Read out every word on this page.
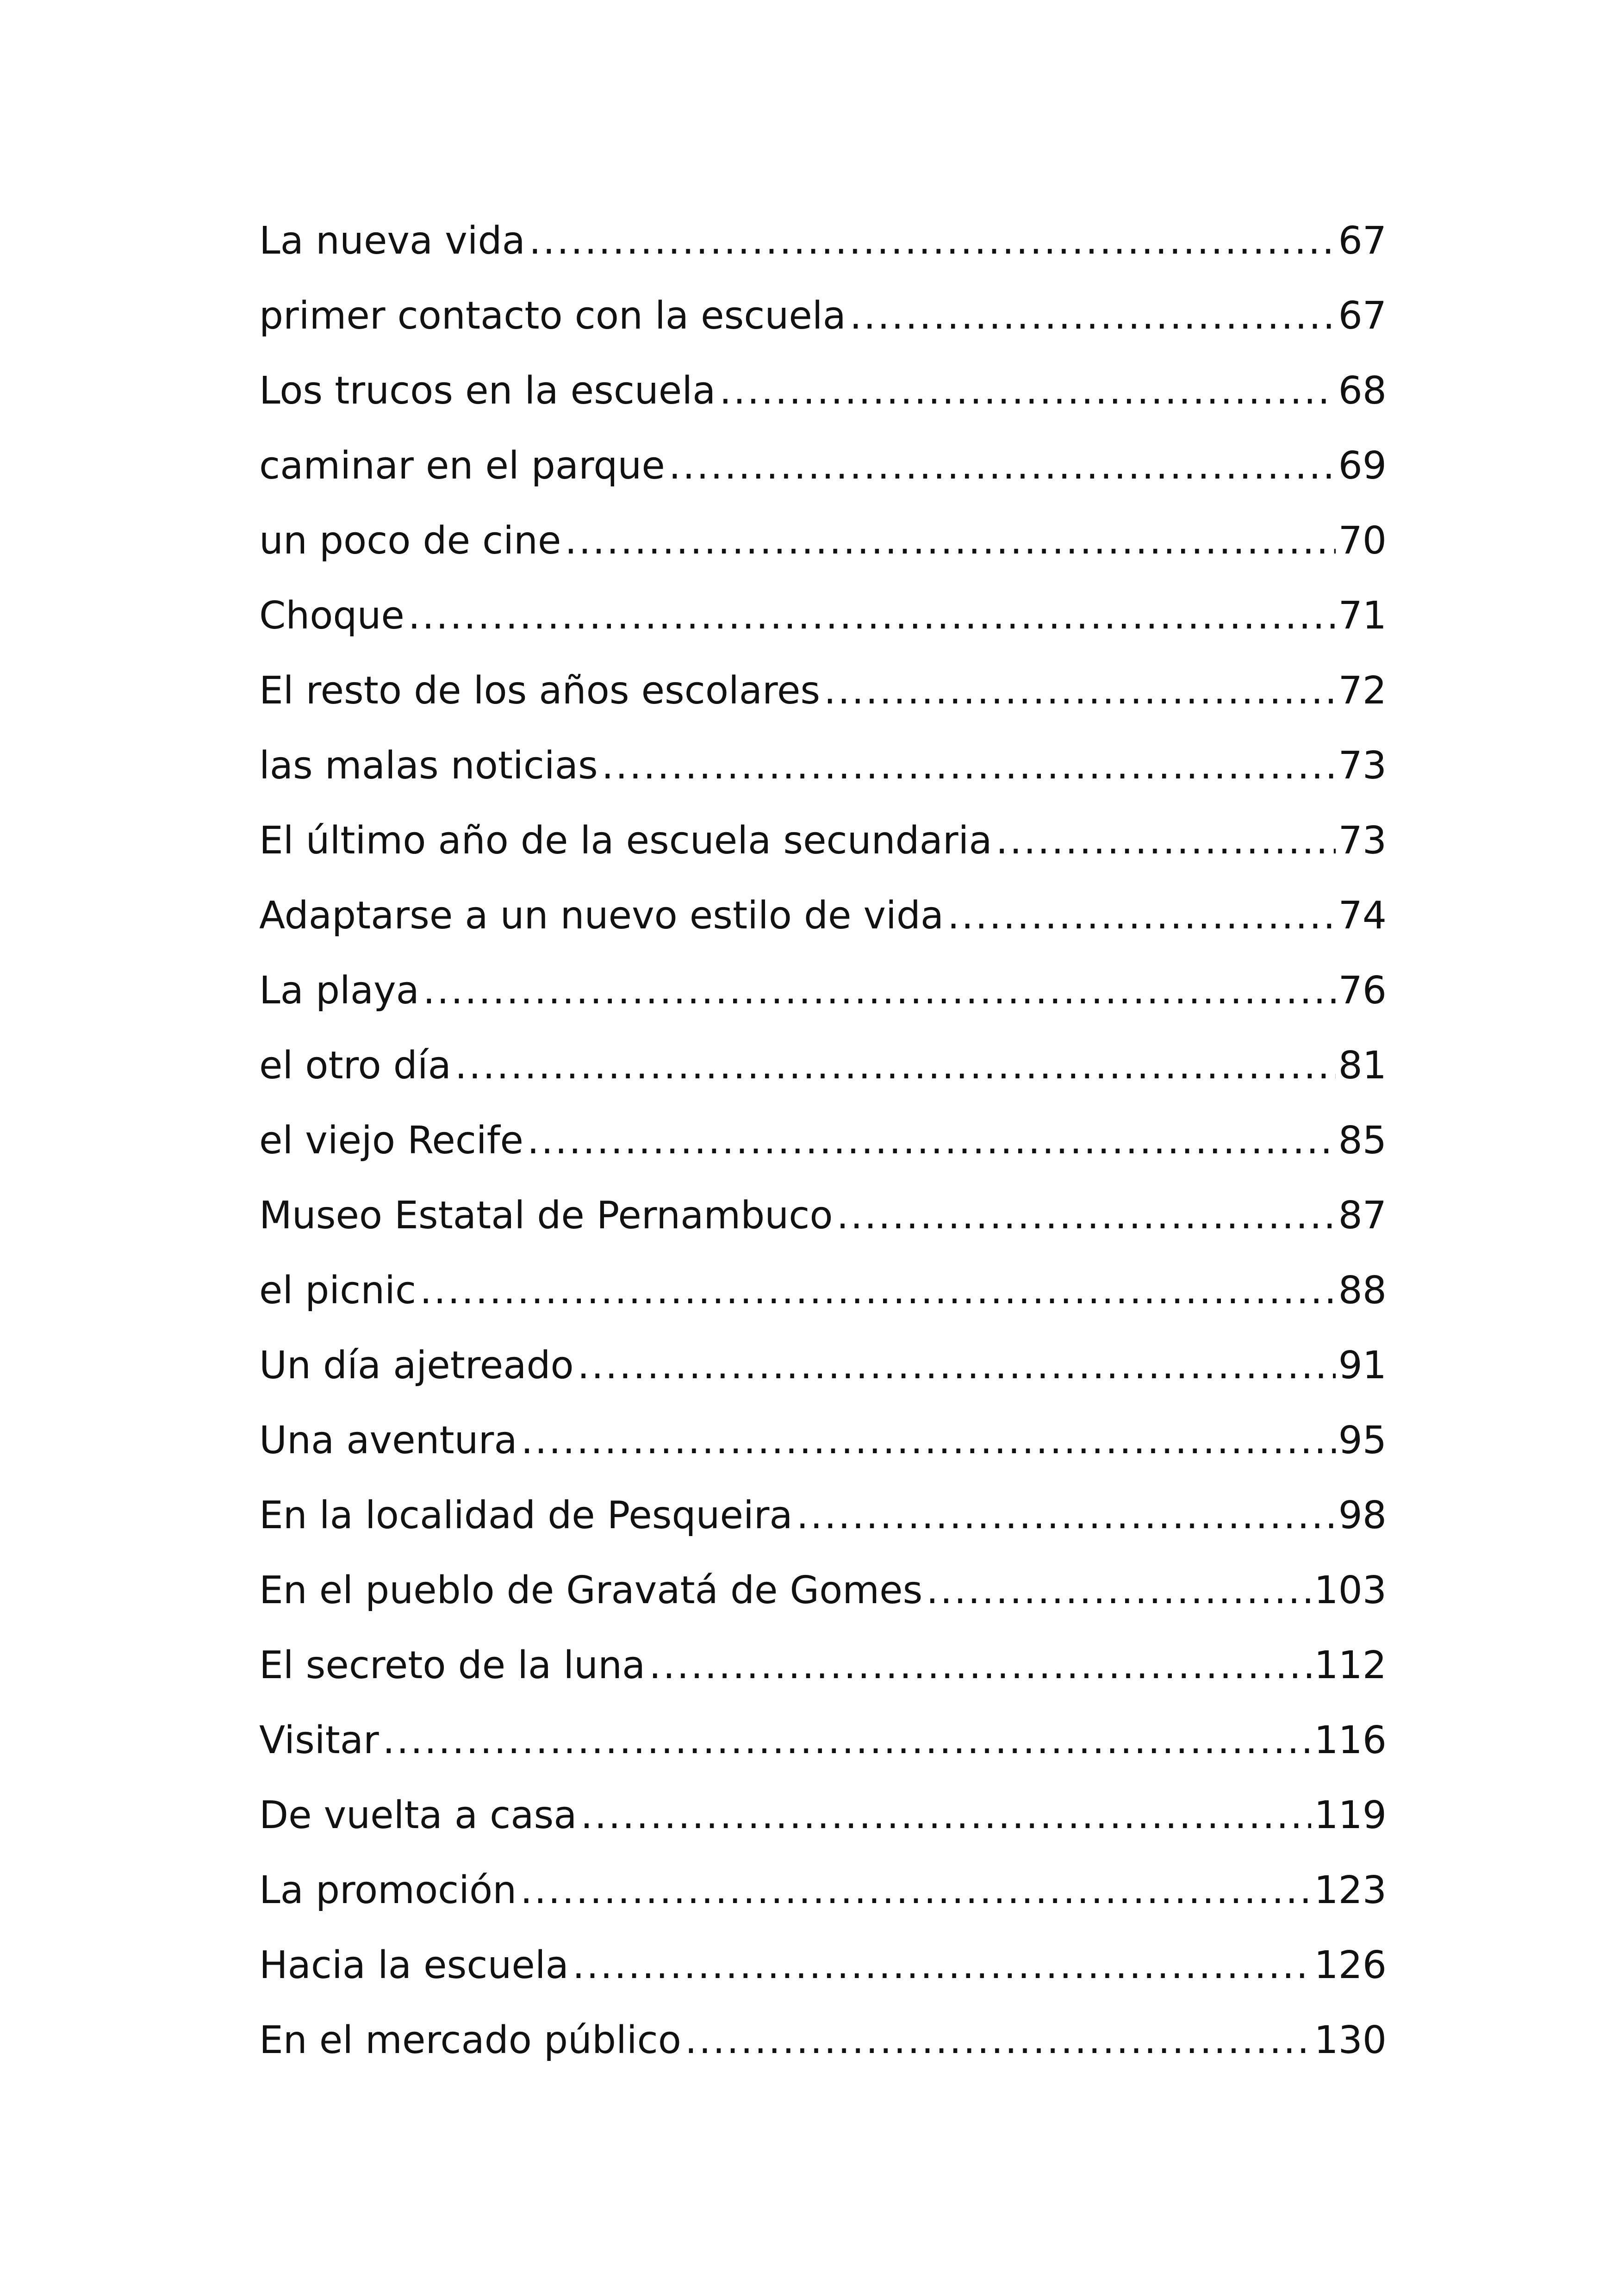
La nueva vida .....	67
primer contacto con la escuela .....	67
Los trucos en la escuela .....	68
caminar en el parque .....	69
un poco de cine .....	70
Choque .....	71
El resto de los años escolares .....	72
las malas noticias .....	73
El último año de la escuela secundaria .....	73
Adaptarse a un nuevo estilo de vida .....	74
La playa .....	76
el otro día .....	81
el viejo Recife .....	85
Museo Estatal de Pernambuco .....	87
el picnic .....	88
Un día ajetreado .....	91
Una aventura .....	95
En la localidad de Pesqueira .....	98
En el pueblo de Gravatá de Gomes .....	103
El secreto de la luna .....	112
Visitar .....	116
De vuelta a casa .....	119
La promoción .....	123
Hacia la escuela .....	126
En el mercado público .....	130
